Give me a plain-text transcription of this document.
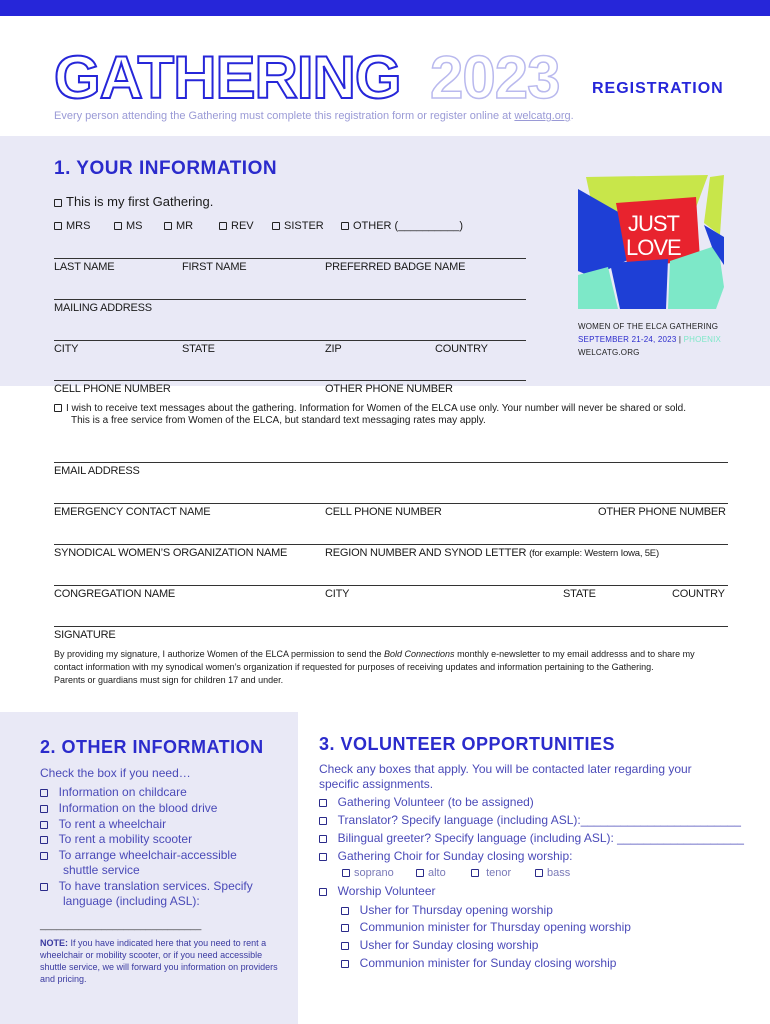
GATHERING 2023 REGISTRATION
Every person attending the Gathering must complete this registration form or register online at welcatg.org.
1. YOUR INFORMATION
This is my first Gathering.
MRS	MS	MR	REV	SISTER	OTHER (__________)
LAST NAME	FIRST NAME	PREFERRED BADGE NAME
MAILING ADDRESS
CITY	STATE	ZIP	COUNTRY
CELL PHONE NUMBER	OTHER PHONE NUMBER
I wish to receive text messages about the gathering. Information for Women of the ELCA use only. Your number will never be shared or sold.
This is a free service from Women of the ELCA, but standard text messaging rates may apply.
EMAIL ADDRESS
EMERGENCY CONTACT NAME	CELL PHONE NUMBER	OTHER PHONE NUMBER
SYNODICAL WOMEN’S ORGANIZATION NAME	REGION NUMBER AND SYNOD LETTER (for example: Western Iowa, 5E)
CONGREGATION NAME	CITY	STATE	COUNTRY
SIGNATURE
By providing my signature, I authorize Women of the ELCA permission to send the Bold Connections monthly e-newsletter to my email addresss and to share my
contact information with my synodical women’s organization if requested for purposes of receiving updates and information pertaining to the Gathering.
Parents or guardians must sign for children 17 and under.
JUST
LOVE
WOMEN OF THE ELCA GATHERING
SEPTEMBER 21-24, 2023 | PHOENIX
WELCATG.ORG
2. OTHER INFORMATION
Check the box if you need…
Information on childcare
Information on the blood drive
To rent a wheelchair
To rent a mobility scooter
To arrange wheelchair-accessible
shuttle service
To have translation services. Specify
language (including ASL):
_____________________________
NOTE: If you have indicated here that you need to rent a
wheelchair or mobility scooter, or if you need accessible
shuttle service, we will forward you information on providers
and pricing.
3. VOLUNTEER OPPORTUNITIES
Check any boxes that apply. You will be contacted later regarding your
specific assignments.
Gathering Volunteer (to be assigned)
Translator? Specify language (including ASL):________________________
Bilingual greeter? Specify language (including ASL): ___________________
Gathering Choir for Sunday closing worship:
soprano	alto	tenor	bass
Worship Volunteer
Usher for Thursday opening worship
Communion minister for Thursday opening worship
Usher for Sunday closing worship
Communion minister for Sunday closing worship
